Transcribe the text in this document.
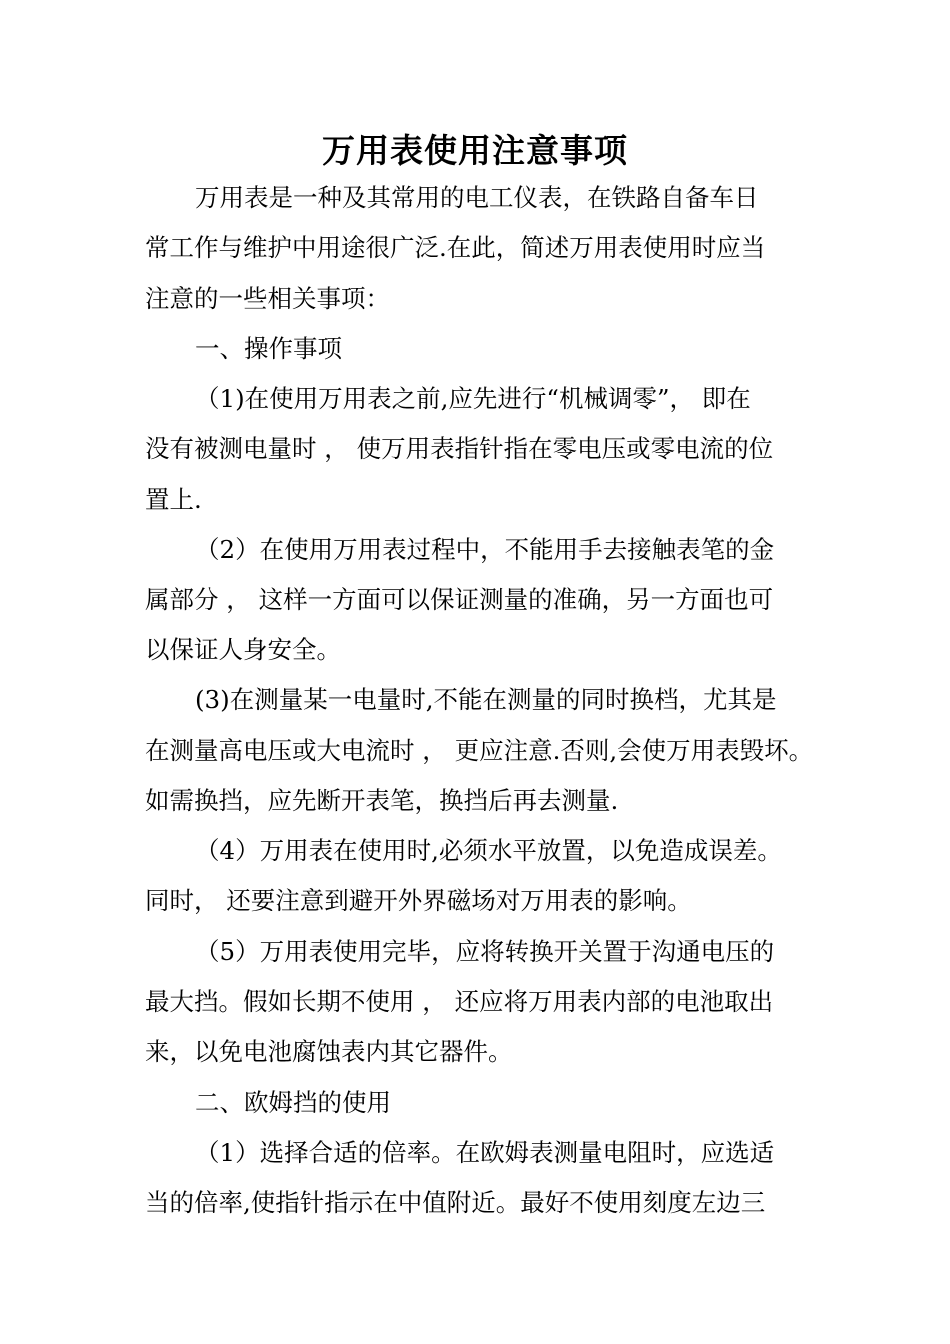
万用表使用注意事项
万用表是一种及其常用的电工仪表，在铁路自备车日
常工作与维护中用途很广泛.在此，简述万用表使用时应当
注意的一些相关事项：
一、操作事项
（1)在使用万用表之前,应先进行“机械调零”， 即在
没有被测电量时 ， 使万用表指针指在零电压或零电流的位
置上.
（2）在使用万用表过程中，不能用手去接触表笔的金
属部分 ， 这样一方面可以保证测量的准确，另一方面也可
以保证人身安全。
(3)在测量某一电量时,不能在测量的同时换档，尤其是
在测量高电压或大电流时 ， 更应注意.否则,会使万用表毁坏。
如需换挡，应先断开表笔，换挡后再去测量.
（4）万用表在使用时,必须水平放置，以免造成误差。
同时， 还要注意到避开外界磁场对万用表的影响。
（5）万用表使用完毕，应将转换开关置于沟通电压的
最大挡。假如长期不使用 ， 还应将万用表内部的电池取出
来，以免电池腐蚀表内其它器件。
二、欧姆挡的使用
（1）选择合适的倍率。在欧姆表测量电阻时，应选适
当的倍率,使指针指示在中值附近。最好不使用刻度左边三
